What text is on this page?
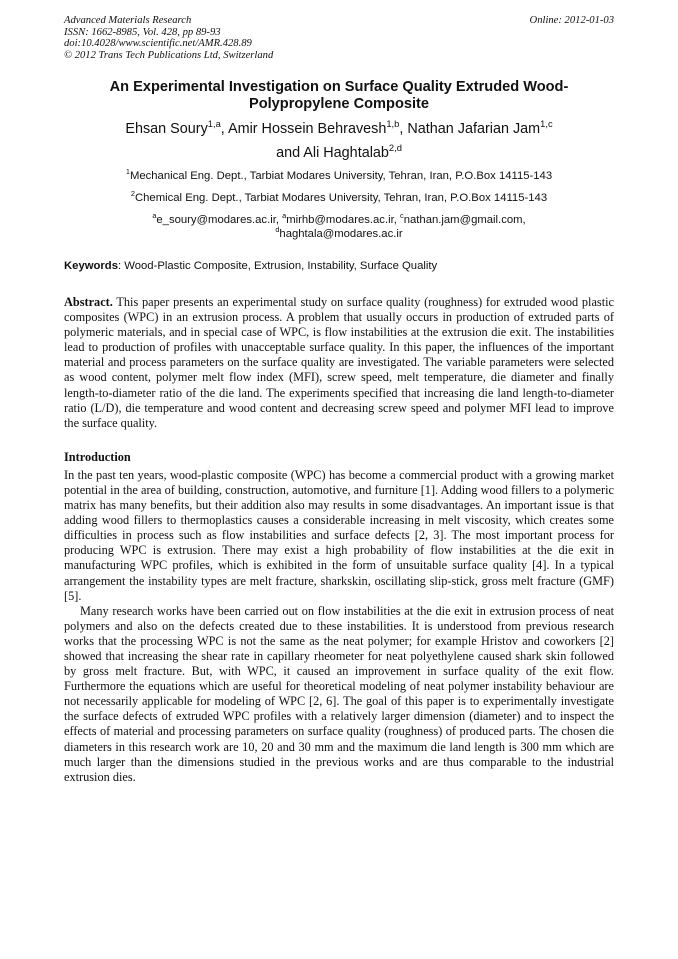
Advanced Materials Research
ISSN: 1662-8985, Vol. 428, pp 89-93
doi:10.4028/www.scientific.net/AMR.428.89
© 2012 Trans Tech Publications Ltd, Switzerland
Online: 2012-01-03
An Experimental Investigation on Surface Quality Extruded Wood-Polypropylene Composite
Ehsan Soury$^{1,a}$, Amir Hossein Behravesh$^{1,b}$, Nathan Jafarian Jam$^{1,c}$
and Ali Haghtalab$^{2,d}$
$^1$Mechanical Eng. Dept., Tarbiat Modares University, Tehran, Iran, P.O.Box 14115-143
$^2$Chemical Eng. Dept., Tarbiat Modares University, Tehran, Iran, P.O.Box 14115-143
$^a$e_soury@modares.ac.ir, $^a$mirhb@modares.ac.ir, $^c$nathan.jam@gmail.com,
$^d$haghtala@modares.ac.ir
Keywords: Wood-Plastic Composite, Extrusion, Instability, Surface Quality

Abstract. This paper presents an experimental study on surface quality (roughness) for extruded wood plastic composites (WPC) in an extrusion process. A problem that usually occurs in production of extruded parts of polymeric materials, and in special case of WPC, is flow instabilities at the extrusion die exit. The instabilities lead to production of profiles with unacceptable surface quality. In this paper, the influences of the important material and process parameters on the surface quality are investigated. The variable parameters were selected as wood content, polymer melt flow index (MFI), screw speed, melt temperature, die diameter and finally length-to-diameter ratio of the die land. The experiments specified that increasing die land length-to-diameter ratio (L/D), die temperature and wood content and decreasing screw speed and polymer MFI lead to improve the surface quality.

Introduction

In the past ten years, wood-plastic composite (WPC) has become a commercial product with a growing market potential in the area of building, construction, automotive, and furniture [1]. Adding wood fillers to a polymeric matrix has many benefits, but their addition also may results in some disadvantages. An important issue is that adding wood fillers to thermoplastics causes a considerable increasing in melt viscosity, which creates some difficulties in process such as flow instabilities and surface defects [2, 3]. The most important process for producing WPC is extrusion. There may exist a high probability of flow instabilities at the die exit in manufacturing WPC profiles, which is exhibited in the form of unsuitable surface quality [4]. In a typical arrangement the instability types are melt fracture, sharkskin, oscillating slip-stick, gross melt fracture (GMF) [5].

Many research works have been carried out on flow instabilities at the die exit in extrusion process of neat polymers and also on the defects created due to these instabilities. It is understood from previous research works that the processing WPC is not the same as the neat polymer; for example Hristov and coworkers [2] showed that increasing the shear rate in capillary rheometer for neat polyethylene caused shark skin followed by gross melt fracture. But, with WPC, it caused an improvement in surface quality of the exit flow. Furthermore the equations which are useful for theoretical modeling of neat polymer instability behaviour are not necessarily applicable for modeling of WPC [2, 6]. The goal of this paper is to experimentally investigate the surface defects of extruded WPC profiles with a relatively larger dimension (diameter) and to inspect the effects of material and processing parameters on surface quality (roughness) of produced parts. The chosen die diameters in this research work are 10, 20 and 30 mm and the maximum die land length is 300 mm which are much larger than the dimensions studied in the previous works and are thus comparable to the industrial extrusion dies.
